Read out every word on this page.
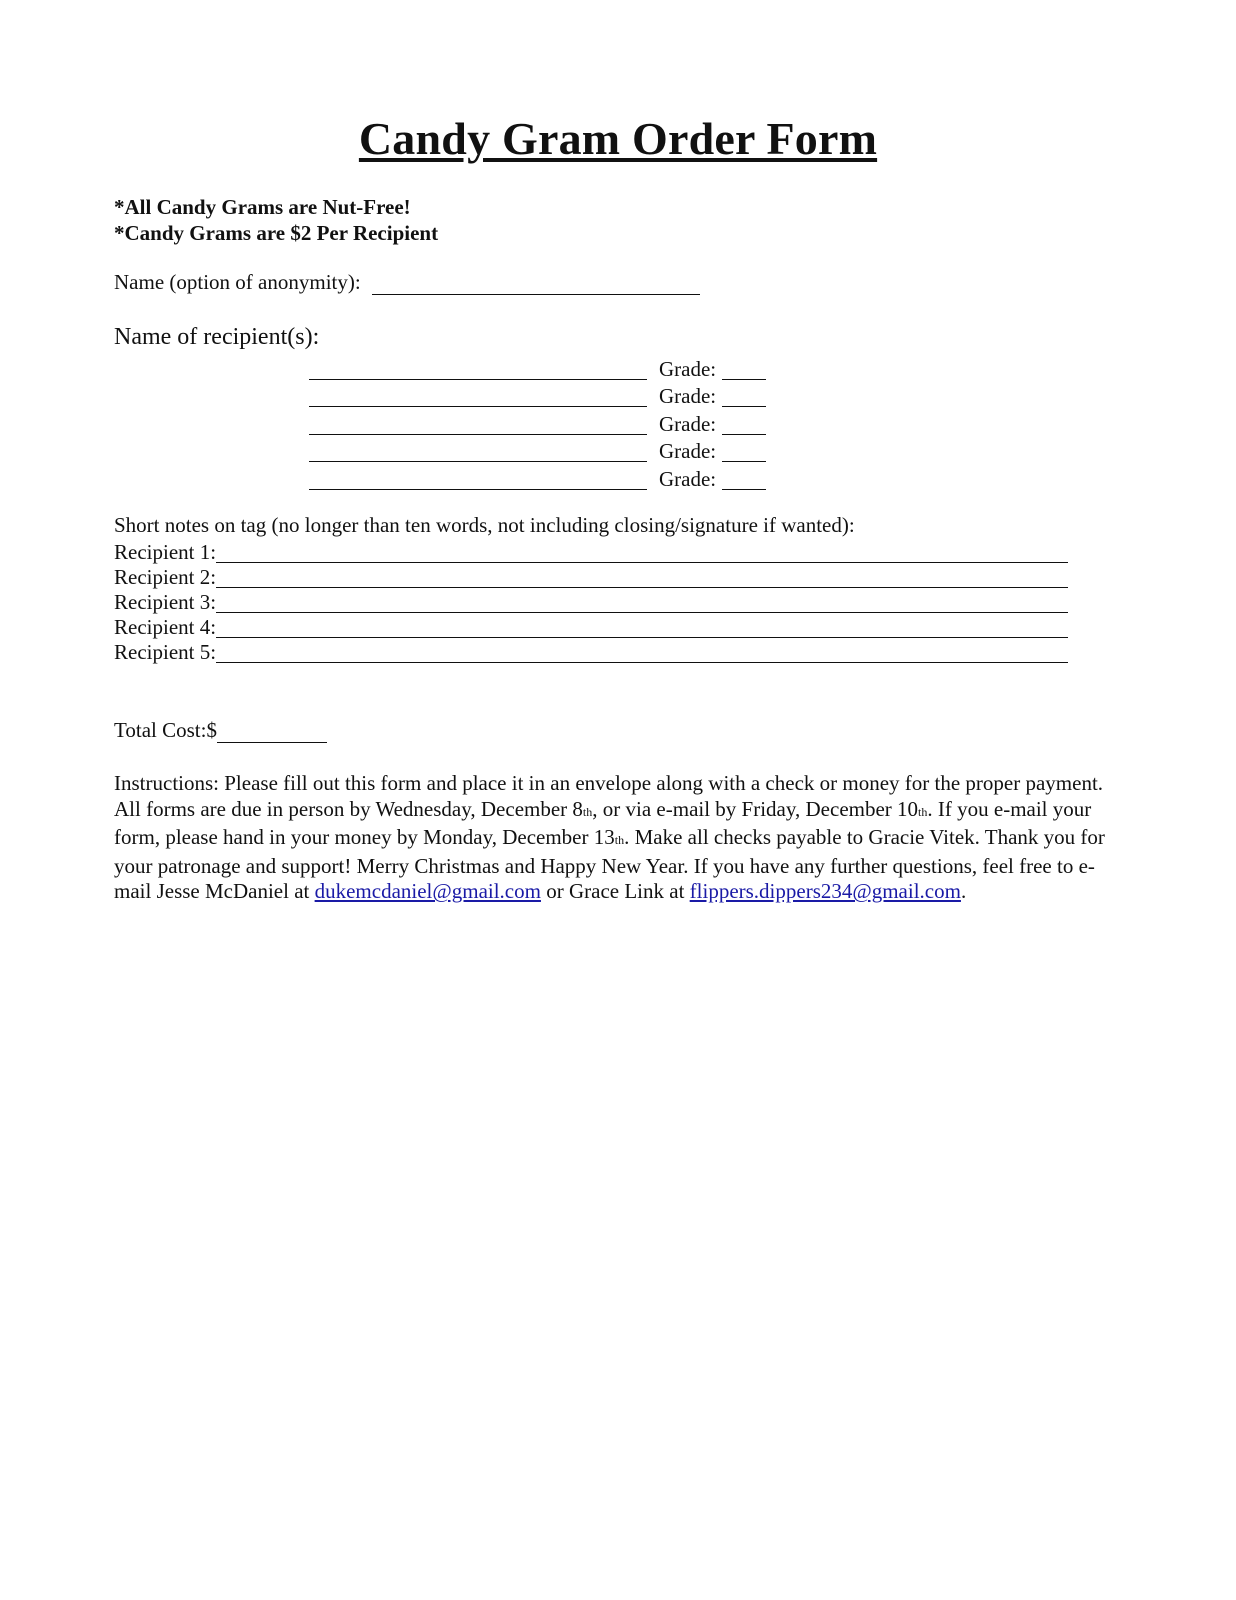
Candy Gram Order Form
*All Candy Grams are Nut-Free!
*Candy Grams are $2 Per Recipient
Name (option of anonymity):
Name of recipient(s):
Grade:
Grade:
Grade:
Grade:
Grade:
Short notes on tag (no longer than ten words, not including closing/signature if wanted):
Recipient 1:
Recipient 2:
Recipient 3:
Recipient 4:
Recipient 5:
Total Cost:$
Instructions: Please fill out this form and place it in an envelope along with a check or money for the proper payment. All forms are due in person by Wednesday, December 8th, or via e-mail by Friday, December 10th. If you e-mail your form, please hand in your money by Monday, December 13th. Make all checks payable to Gracie Vitek. Thank you for your patronage and support! Merry Christmas and Happy New Year. If you have any further questions, feel free to e-mail Jesse McDaniel at dukemcdaniel@gmail.com or Grace Link at flippers.dippers234@gmail.com.
